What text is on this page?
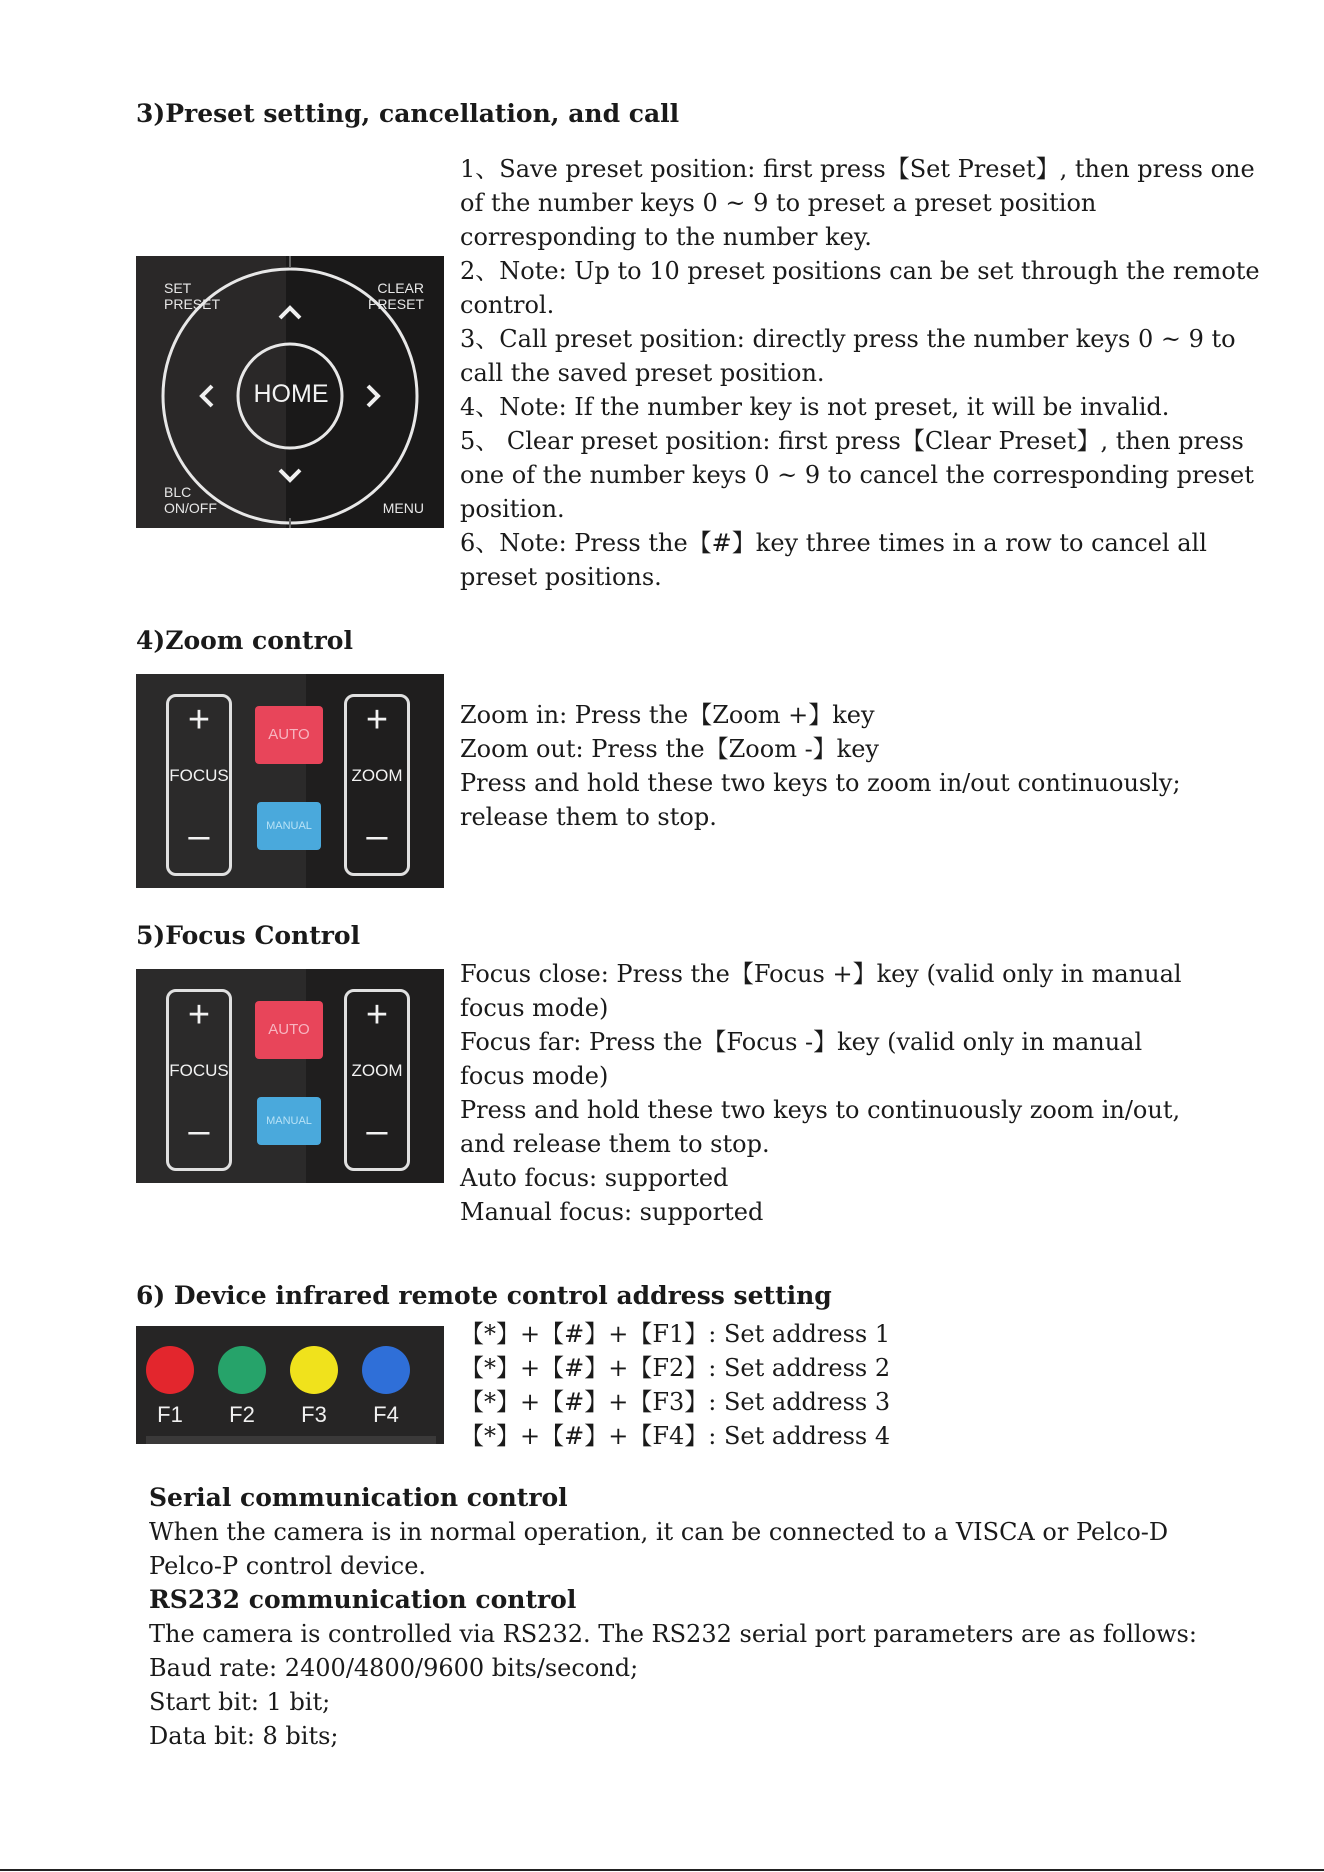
3)Preset setting, cancellation, and call
SET
PRESET
CLEAR
PRESET
HOME
BLC
ON/OFF	MENU
1、Save preset position: first press【Set Preset】, then press one
of the number keys 0 ~ 9 to preset a preset position
corresponding to the number key.
2、Note: Up to 10 preset positions can be set through the remote
control.
3、Call preset position: directly press the number keys 0 ~ 9 to
call the saved preset position.
4、Note: If the number key is not preset, it will be invalid.
5、 Clear preset position: first press【Clear Preset】, then press
one of the number keys 0 ~ 9 to cancel the corresponding preset
position.
6、Note: Press the【#】key three times in a row to cancel all
preset positions.
4)Zoom control
+
FOCUS
–
AUTO
MANUAL
+
ZOOM
–
Zoom in: Press the【Zoom +】key
Zoom out: Press the【Zoom -】key
Press and hold these two keys to zoom in/out continuously;
release them to stop.
5)Focus Control
+
FOCUS
–
AUTO
MANUAL
+
ZOOM
–
Focus close: Press the【Focus +】key (valid only in manual
focus mode)
Focus far: Press the【Focus -】key (valid only in manual
focus mode)
Press and hold these two keys to continuously zoom in/out,
and release them to stop.
Auto focus: supported
Manual focus: supported
6) Device infrared remote control address setting
F1	F2	F3	F4
【*】+【#】+【F1】: Set address 1
【*】+【#】+【F2】: Set address 2
【*】+【#】+【F3】: Set address 3
【*】+【#】+【F4】: Set address 4
Serial communication control
When the camera is in normal operation, it can be connected to a VISCA or Pelco-D
Pelco-P control device.
RS232 communication control
The camera is controlled via RS232. The RS232 serial port parameters are as follows:
Baud rate: 2400/4800/9600 bits/second;
Start bit: 1 bit;
Data bit: 8 bits;
